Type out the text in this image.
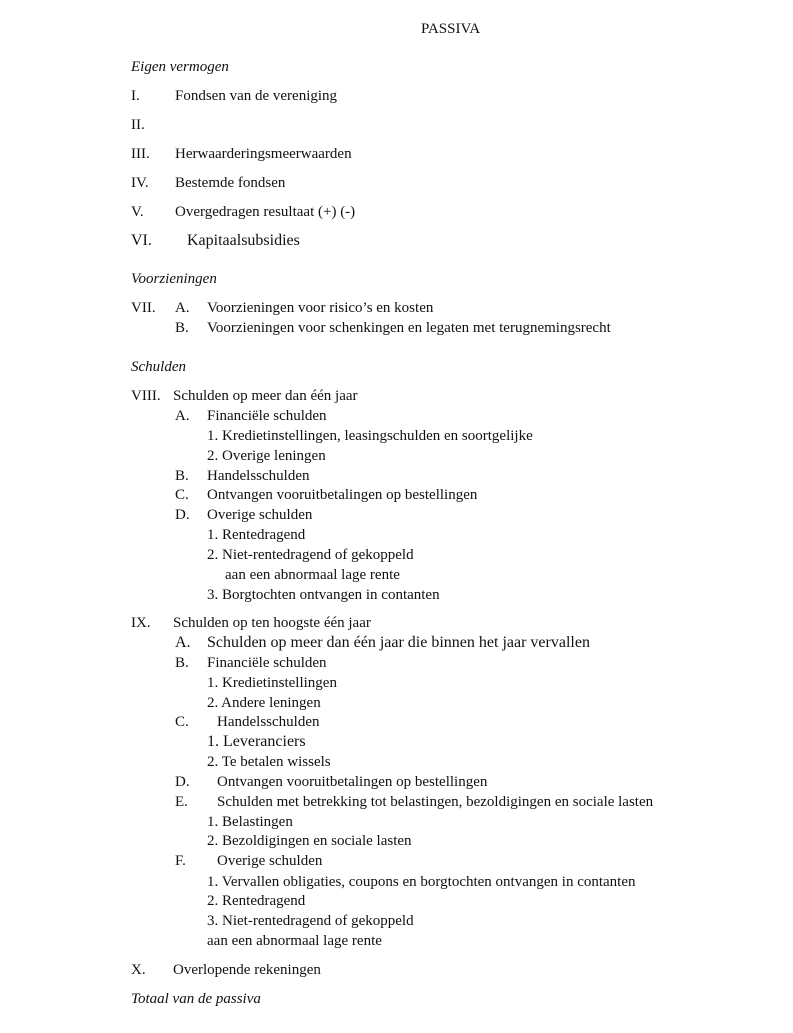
PASSIVA
Eigen vermogen
I. Fondsen van de vereniging
II.
III. Herwaarderingsmeerwaarden
IV. Bestemde fondsen
V. Overgedragen resultaat (+) (-)
VI. Kapitaalsubsidies
Voorzieningen
VII. A. Voorzieningen voor risico’s en kosten
B. Voorzieningen voor schenkingen en legaten met terugnemingsrecht
Schulden
VIII. Schulden op meer dan één jaar
A. Financiële schulden
1. Kredietinstellingen, leasingschulden en soortgelijke
2. Overige leningen
B. Handelsschulden
C. Ontvangen vooruitbetalingen op bestellingen
D. Overige schulden
1. Rentedragend
2. Niet-rentedragend of gekoppeld
aan een abnormaal lage rente
3. Borgtochten ontvangen in contanten
IX. Schulden op ten hoogste één jaar
A. Schulden op meer dan één jaar die binnen het jaar vervallen
B. Financiële schulden
1. Kredietinstellingen
2. Andere leningen
C. Handelsschulden
1. Leveranciers
2. Te betalen wissels
D. Ontvangen vooruitbetalingen op bestellingen
E. Schulden met betrekking tot belastingen, bezoldigingen en sociale lasten
1. Belastingen
2. Bezoldigingen en sociale lasten
F. Overige schulden
1. Vervallen obligaties, coupons en borgtochten ontvangen in contanten
2. Rentedragend
3. Niet-rentedragend of gekoppeld
aan een abnormaal lage rente
X. Overlopende rekeningen
Totaal van de passiva
